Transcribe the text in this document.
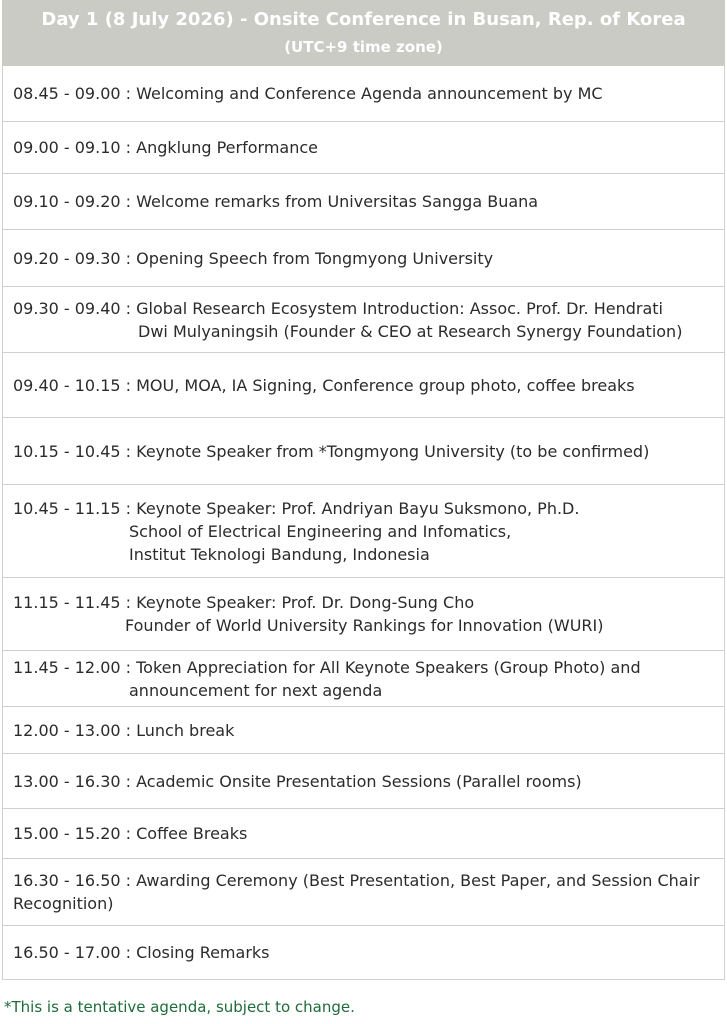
Day 1 (8 July 2026) - Onsite Conference in Busan, Rep. of Korea
(UTC+9 time zone)
08.45 - 09.00 : Welcoming and Conference Agenda announcement by MC
09.00 - 09.10 : Angklung Performance
09.10 - 09.20 : Welcome remarks from Universitas Sangga Buana
09.20 - 09.30 : Opening Speech from Tongmyong University
09.30 - 09.40 : Global Research Ecosystem Introduction: Assoc. Prof. Dr. Hendrati
Dwi Mulyaningsih (Founder & CEO at Research Synergy Foundation)
09.40 - 10.15 : MOU, MOA, IA Signing, Conference group photo, coffee breaks
10.15 - 10.45 : Keynote Speaker from *Tongmyong University (to be confirmed)
10.45 - 11.15 : Keynote Speaker: Prof. Andriyan Bayu Suksmono, Ph.D.
School of Electrical Engineering and Infomatics,
Institut Teknologi Bandung, Indonesia
11.15 - 11.45 : Keynote Speaker: Prof. Dr. Dong-Sung Cho
Founder of World University Rankings for Innovation (WURI)
11.45 - 12.00 : Token Appreciation for All Keynote Speakers (Group Photo) and
announcement for next agenda
12.00 - 13.00 : Lunch break
13.00 - 16.30 : Academic Onsite Presentation Sessions (Parallel rooms)
15.00 - 15.20 : Coffee Breaks
16.30 - 16.50 : Awarding Ceremony (Best Presentation, Best Paper, and Session Chair
Recognition)
16.50 - 17.00 : Closing Remarks
*This is a tentative agenda, subject to change.
